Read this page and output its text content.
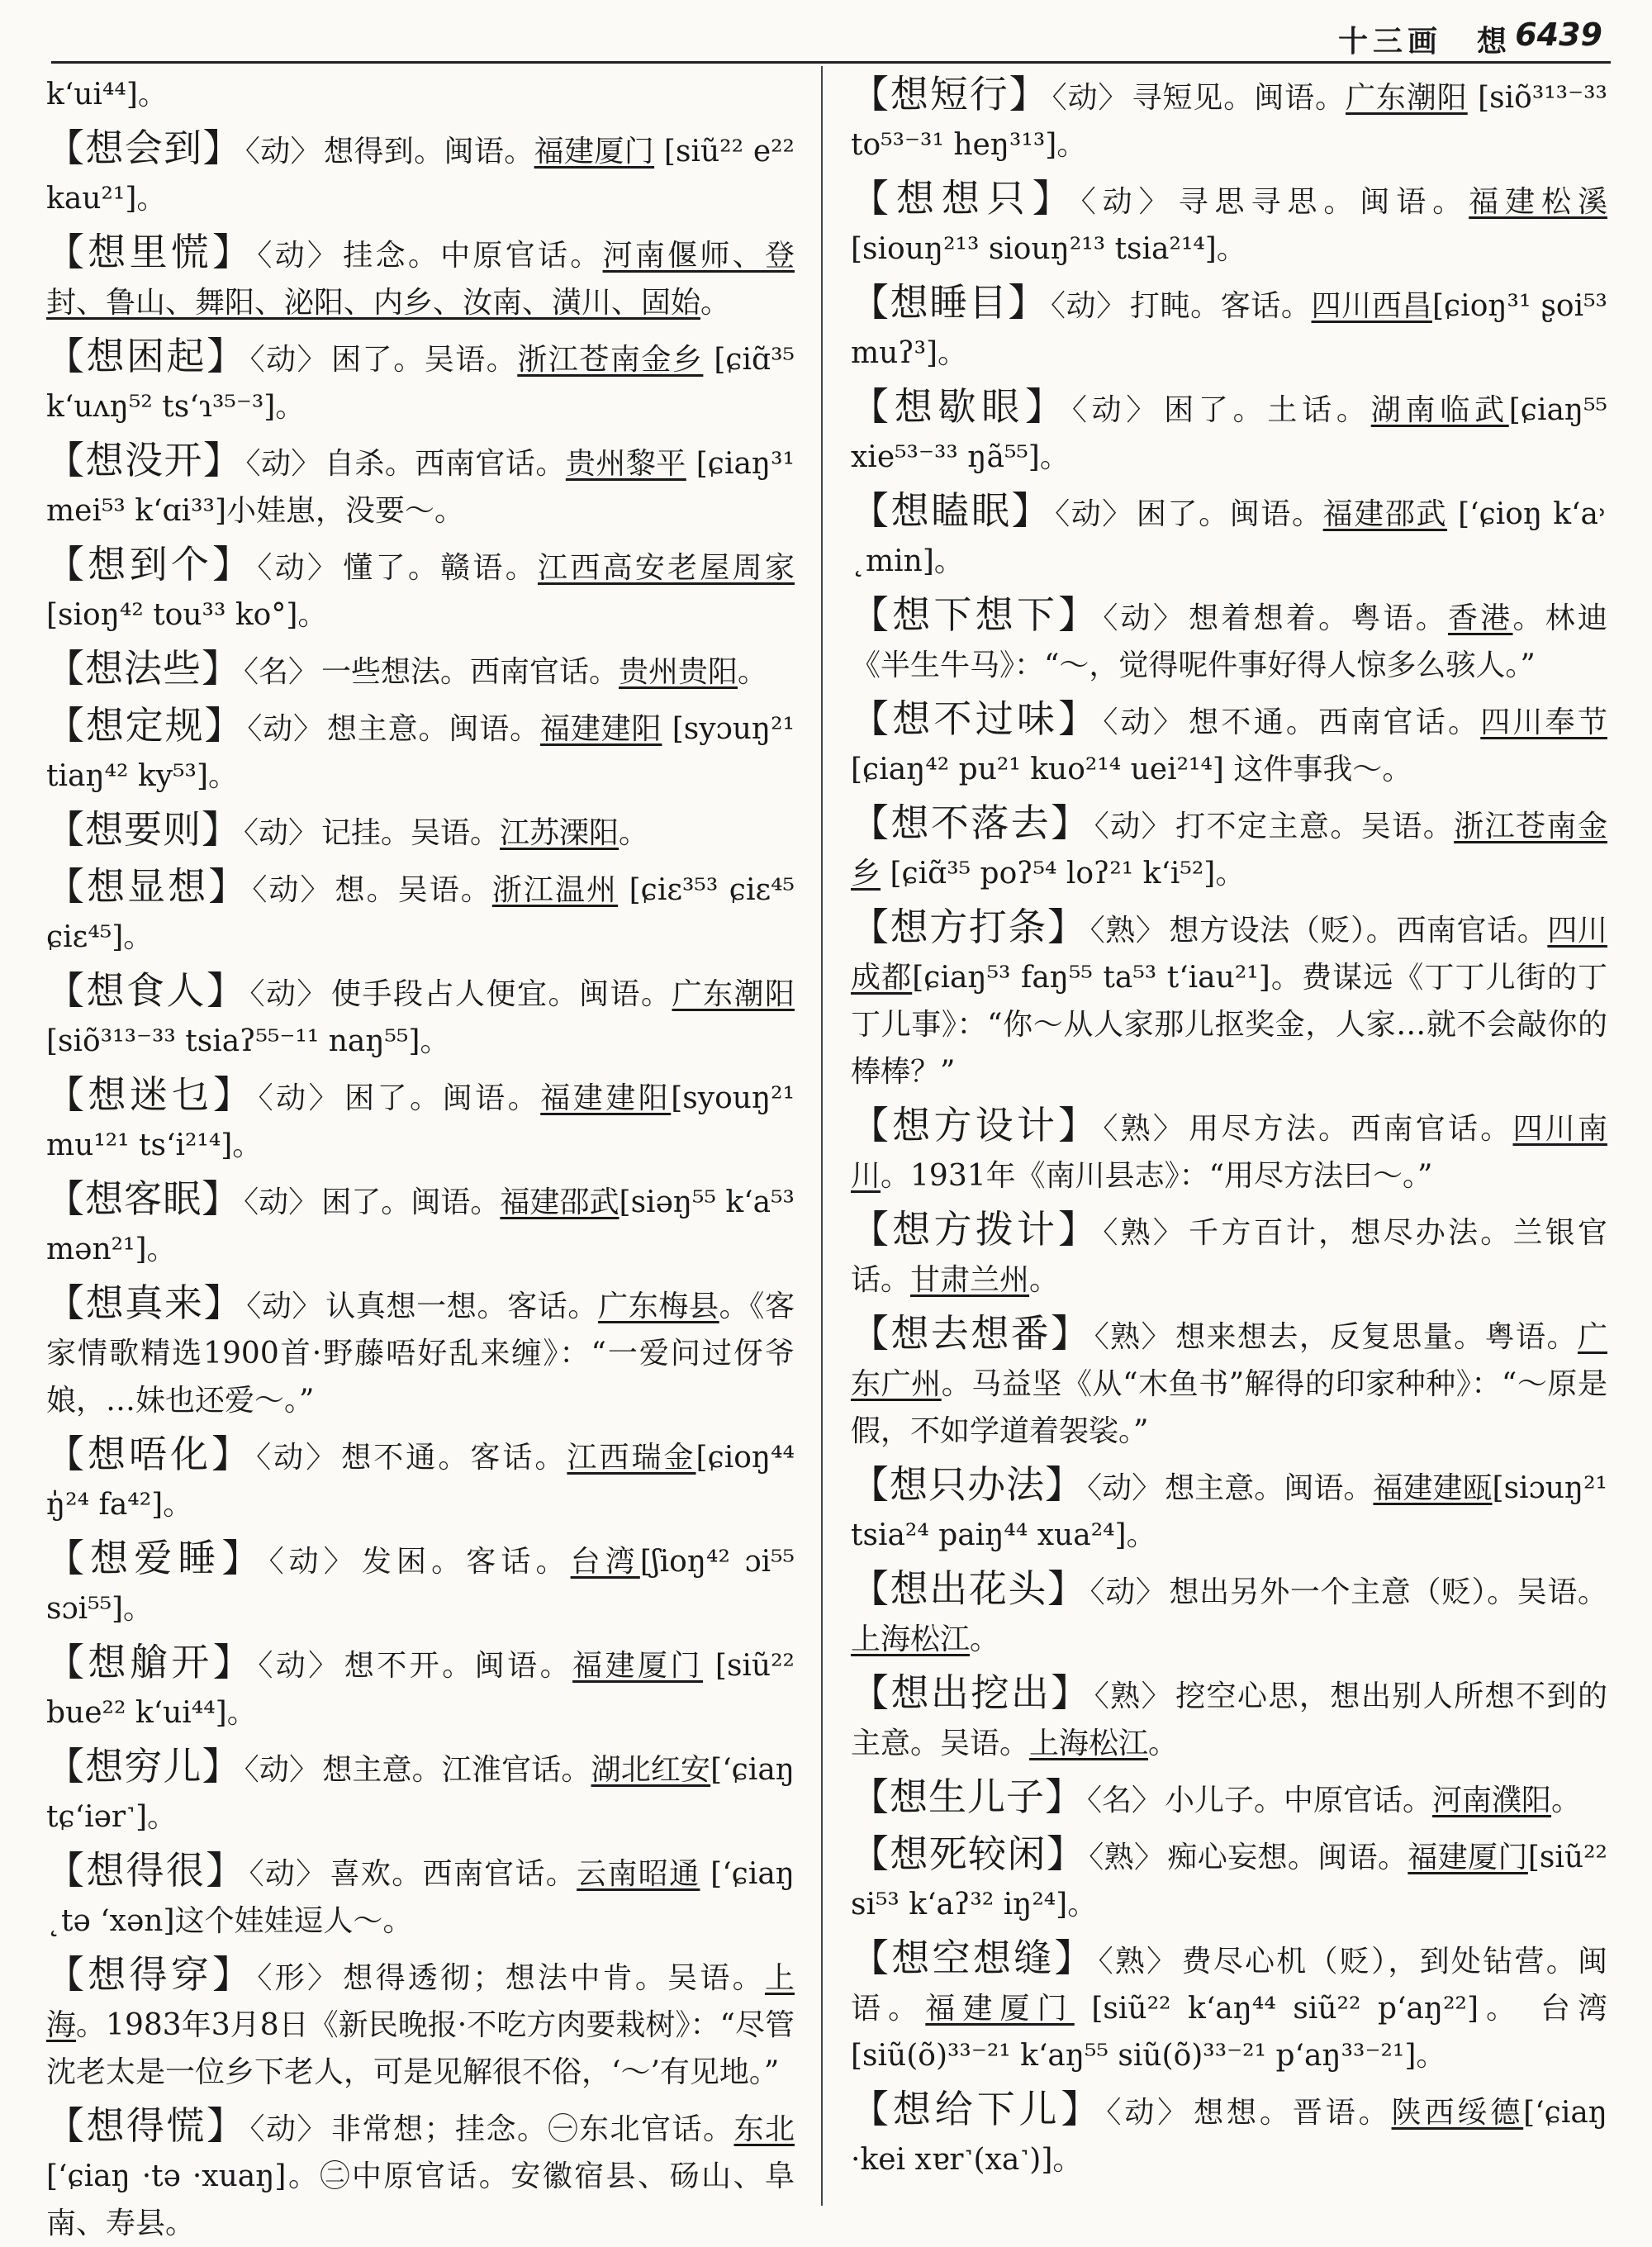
十三画　想 6439
k‘ui⁴⁴]。
【想会到】 〈动〉 想得到。闽语。福建厦门 [siũ²² e²² kau²¹]。
【想里慌】 〈动〉 挂念。中原官话。河南偃师、登封、鲁山、舞阳、泌阳、内乡、汝南、潢川、固始。
【想困起】 〈动〉 困了。吴语。浙江苍南金乡 [ɕiɑ̃³⁵ k‘uʌŋ⁵² tsʻɿ³⁵⁻³]。
【想没开】 〈动〉 自杀。西南官话。贵州黎平 [ɕiaŋ³¹ mei⁵³ k‘ɑi³³]小娃崽，没要～。
【想到个】 〈动〉 懂了。赣语。江西高安老屋周家[sioŋ⁴² tou³³ ko°]。
【想法些】 〈名〉 一些想法。西南官话。贵州贵阳。
【想定规】 〈动〉 想主意。闽语。福建建阳 [syɔuŋ²¹ tiaŋ⁴² ky⁵³]。
【想要则】 〈动〉 记挂。吴语。江苏溧阳。
【想显想】 〈动〉 想。吴语。浙江温州 [ɕiɛ³⁵³ ɕiɛ⁴⁵ ɕiɛ⁴⁵]。
【想食人】 〈动〉 使手段占人便宜。闽语。广东潮阳 [siõ³¹³⁻³³ tsiaʔ⁵⁵⁻¹¹ naŋ⁵⁵]。
【想迷乜】 〈动〉 困了。闽语。福建建阳[syouŋ²¹ mu¹²¹ tsʻi²¹⁴]。
【想客眠】 〈动〉 困了。闽语。福建邵武[siəŋ⁵⁵ k‘a⁵³ mən²¹]。
【想真来】 〈动〉 认真想一想。客话。广东梅县。《客家情歌精选1900首·野藤唔好乱来缠》：“一爱问过伢爷娘，…妹也还爱～。”
【想唔化】 〈动〉 想不通。客话。江西瑞金[ɕioŋ⁴⁴ ŋ̍²⁴ fa⁴²]。
【想爱睡】 〈动〉 发困。客话。台湾[ʃioŋ⁴² ɔi⁵⁵ sɔi⁵⁵]。
【想艙开】 〈动〉 想不开。闽语。福建厦门 [siũ²² bue²² k‘ui⁴⁴]。
【想穷儿】 〈动〉 想主意。江淮官话。湖北红安[ʻɕiaŋ tɕ‘iər˺]。
【想得很】 〈动〉 喜欢。西南官话。云南昭通 [ʻɕiaŋ ˛tə ʻxən]这个娃娃逗人～。
【想得穿】 〈形〉 想得透彻；想法中肯。吴语。上海。1983年3月8日《新民晚报·不吃方肉要栽树》：“尽管沈老太是一位乡下老人，可是见解很不俗，‘～’有见地。”
【想得慌】 〈动〉 非常想；挂念。㊀东北官话。东北[ʻɕiaŋ ·tə ·xuaŋ]。㊁中原官话。安徽宿县、砀山、阜南、寿县。
【想短行】 〈动〉 寻短见。闽语。广东潮阳 [siõ³¹³⁻³³ to⁵³⁻³¹ heŋ³¹³]。
【想想只】 〈动〉 寻思寻思。闽语。福建松溪[siouŋ²¹³ siouŋ²¹³ tsia²¹⁴]。
【想睡目】 〈动〉 打盹。客话。四川西昌[ɕioŋ³¹ ʂoi⁵³ muʔ³]。
【想歇眼】 〈动〉 困了。土话。湖南临武[ɕiaŋ⁵⁵ xie⁵³⁻³³ ŋã⁵⁵]。
【想瞌眠】 〈动〉 困了。闽语。福建邵武 [ʻɕioŋ k‘a˒ ˛min]。
【想下想下】 〈动〉 想着想着。粤语。香港。林迪《半生牛马》：“～，觉得呢件事好得人惊多么骇人。”
【想不过味】 〈动〉 想不通。西南官话。四川奉节[ɕiaŋ⁴² pu²¹ kuo²¹⁴ uei²¹⁴] 这件事我～。
【想不落去】 〈动〉 打不定主意。吴语。浙江苍南金乡 [ɕiɑ̃³⁵ poʔ⁵⁴ loʔ²¹ k‘i⁵²]。
【想方打条】 〈熟〉 想方设法（贬）。西南官话。四川成都[ɕiaŋ⁵³ faŋ⁵⁵ ta⁵³ t‘iau²¹]。费谋远《丁丁儿街的丁丁儿事》：“你～从人家那儿抠奖金，人家…就不会敲你的棒棒？”
【想方设计】 〈熟〉 用尽方法。西南官话。四川南川。1931年《南川县志》：“用尽方法曰～。”
【想方拨计】 〈熟〉 千方百计，想尽办法。兰银官话。甘肃兰州。
【想去想番】 〈熟〉 想来想去，反复思量。粤语。广东广州。马益坚《从“木鱼书”解得的印家种种》：“～原是假，不如学道着袈裟。”
【想只办法】 〈动〉 想主意。闽语。福建建瓯[siɔuŋ²¹ tsia²⁴ paiŋ⁴⁴ xua²⁴]。
【想出花头】 〈动〉 想出另外一个主意（贬）。吴语。上海松江。
【想出挖出】 〈熟〉 挖空心思，想出别人所想不到的主意。吴语。上海松江。
【想生儿子】 〈名〉 小儿子。中原官话。河南濮阳。
【想死较闲】 〈熟〉 痴心妄想。闽语。福建厦门[siũ²² si⁵³ k‘aʔ³² iŋ²⁴]。
【想空想缝】 〈熟〉 费尽心机（贬），到处钻营。闽语。福建厦门 [siũ²² k‘aŋ⁴⁴ siũ²² p‘aŋ²²]。 台湾 [siũ(õ)³³⁻²¹ k‘aŋ⁵⁵ siũ(õ)³³⁻²¹ p‘aŋ³³⁻²¹]。
【想给下儿】 〈动〉 想想。晋语。陕西绥德[ʻɕiaŋ ·kei xɐr˺(xa˺)]。
